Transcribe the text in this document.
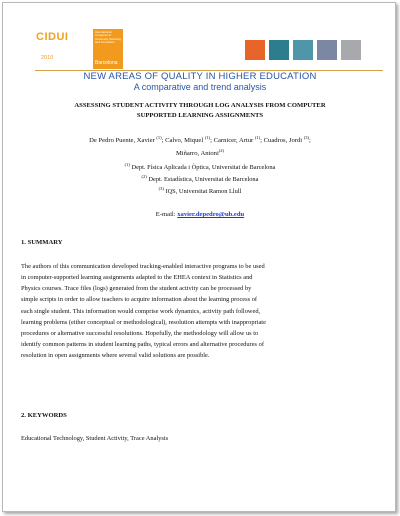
CIDUI
2010
International Congress of University Teaching and Innovation
Barcelona
NEW AREAS OF QUALITY IN HIGHER EDUCATION
A comparative and trend analysis
ASSESSING STUDENT ACTIVITY THROUGH LOG ANALYSIS FROM COMPUTER
SUPPORTED LEARNING ASSIGNMENTS
De Pedro Puente, Xavier $^{(1)}$; Calvo, Miquel $^{(1)}$; Carnicer, Artur $^{(1)}$; Cuadros, Jordi $^{(3)}$;
Miñarro, Antoni$^{(2)}$
$^{(1)}$ Dept. Física Aplicada i Òptica, Universitat de Barcelona
$^{(2)}$ Dept. Estadística, Universitat de Barcelona
$^{(3)}$ IQS, Universitat Ramon Llull
E-mail: xavier.depedro@ub.edu
1. SUMMARY
The authors of this communication developed tracking-enabled interactive programs to be used
in computer-supported learning assignments adapted to the EHEA context in Statistics and
Physics courses. Trace files (logs) generated from the student activity can be processed by
simple scripts in order to allow teachers to acquire information about the learning process of
each single student. This information would comprise work dynamics, activity path followed,
learning problems (either conceptual or methodological), resolution attempts with inappropriate
procedures or alternative successful resolutions. Hopefully, the methodology will allow us to
identify common patterns in student learning paths, typical errors and alternative procedures of
resolution in open assignments where several valid solutions are possible.
2. KEYWORDS
Educational Technology, Student Activity, Trace Analysis
